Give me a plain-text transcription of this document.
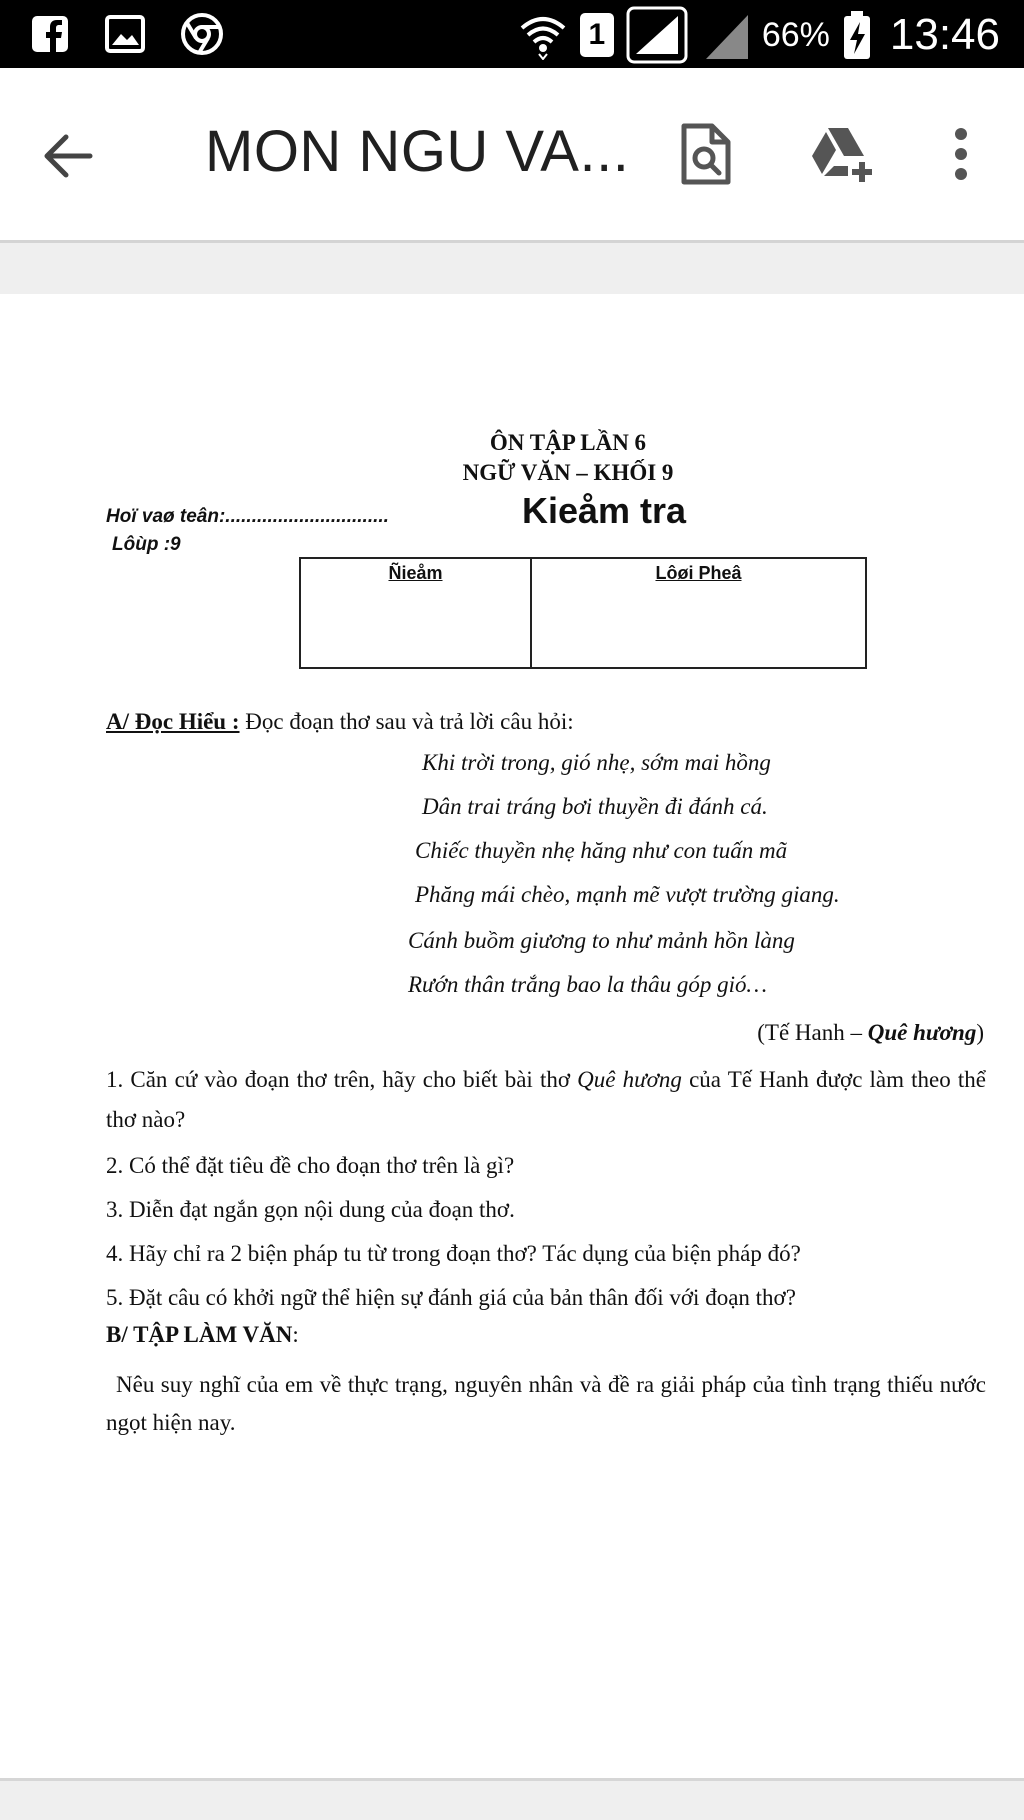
1	66% 13:46
MON NGU VA...
ÔN TẬP LẦN 6
NGỮ VĂN – KHỐI 9
Hoï vaø teân:...............................
Lôùp :9
Kieåm tra
Ñieåm	Lôøi Pheâ
A/ Đọc Hiểu : Đọc đoạn thơ sau và trả lời câu hỏi:
Khi trời trong, gió nhẹ, sớm mai hồng
Dân trai tráng bơi thuyền đi đánh cá.
Chiếc thuyền nhẹ hăng như con tuấn mã
Phăng mái chèo, mạnh mẽ vượt trường giang.
Cánh buồm giương to như mảnh hồn làng
Rướn thân trắng bao la thâu góp gió…
(Tế Hanh – Quê hương)
1. Căn cứ vào đoạn thơ trên, hãy cho biết bài thơ Quê hương của Tế Hanh được làm theo thể thơ nào?
2. Có thể đặt tiêu đề cho đoạn thơ trên là gì?
3. Diễn đạt ngắn gọn nội dung của đoạn thơ.
4. Hãy chỉ ra 2 biện pháp tu từ trong đoạn thơ? Tác dụng của biện pháp đó?
5. Đặt câu có khởi ngữ thể hiện sự đánh giá của bản thân đối với đoạn thơ?
B/ TẬP LÀM VĂN:
Nêu suy nghĩ của em về thực trạng, nguyên nhân và đề ra giải pháp của tình trạng thiếu nước ngọt hiện nay.
